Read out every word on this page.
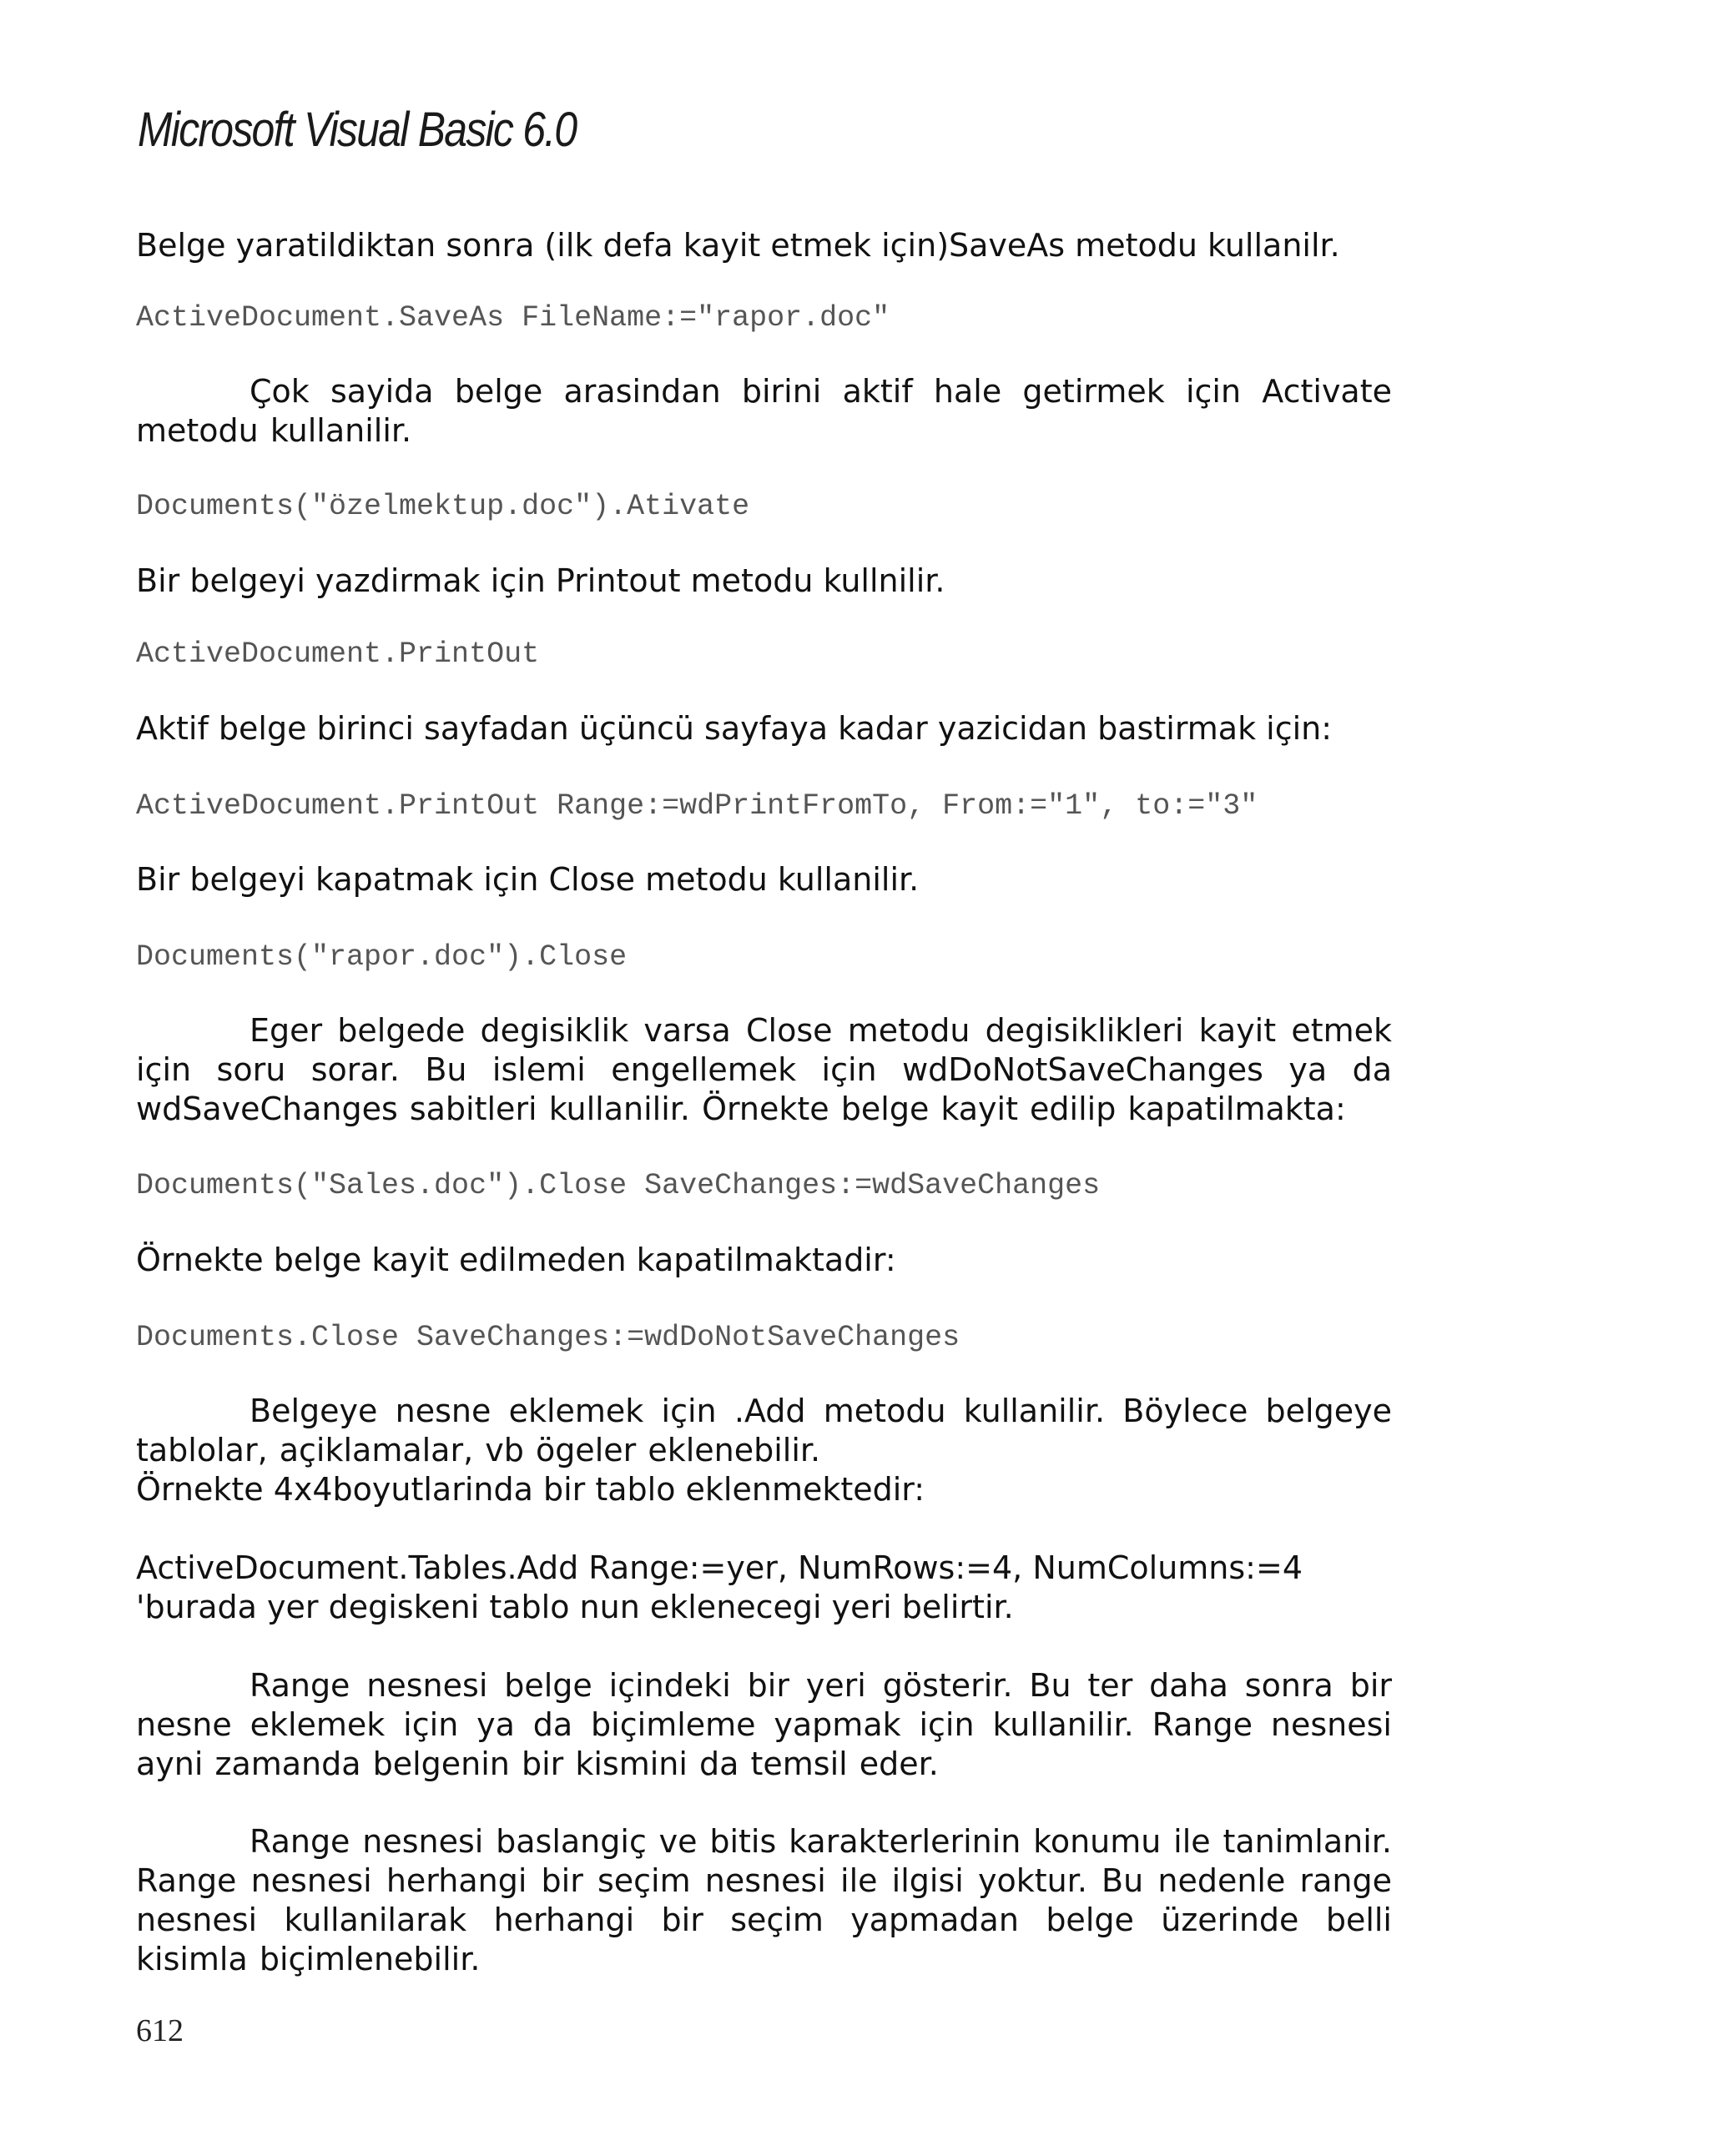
Microsoft Visual Basic 6.0

Belge yaratildiktan sonra (ilk defa kayit etmek için)SaveAs metodu kullanilr.

ActiveDocument.SaveAs FileName:="rapor.doc"

Çok sayida belge arasindan birini aktif hale getirmek için Activate metodu kullanilir.

Documents("özelmektup.doc").Ativate

Bir belgeyi yazdirmak için Printout metodu kullnilir.

ActiveDocument.PrintOut

Aktif belge birinci sayfadan üçüncü sayfaya kadar yazicidan bastirmak için:

ActiveDocument.PrintOut Range:=wdPrintFromTo, From:="1", to:="3"

Bir belgeyi kapatmak için Close metodu kullanilir.

Documents("rapor.doc").Close

Eger belgede degisiklik varsa Close metodu degisiklikleri kayit etmek için soru sorar. Bu islemi engellemek için wdDoNotSaveChanges ya da wdSaveChanges sabitleri kullanilir. Örnekte belge kayit edilip kapatilmakta:

Documents("Sales.doc").Close SaveChanges:=wdSaveChanges

Örnekte belge kayit edilmeden kapatilmaktadir:

Documents.Close SaveChanges:=wdDoNotSaveChanges

Belgeye nesne eklemek için .Add metodu kullanilir. Böylece belgeye tablolar, açiklamalar, vb ögeler eklenebilir.

Örnekte 4x4boyutlarinda bir tablo eklenmektedir:

ActiveDocument.Tables.Add Range:=yer, NumRows:=4, NumColumns:=4

'burada yer degiskeni tablo nun eklenecegi yeri belirtir.

Range nesnesi belge içindeki bir yeri gösterir. Bu ter daha sonra bir nesne eklemek için ya da biçimleme yapmak için kullanilir. Range nesnesi ayni zamanda belgenin bir kismini da temsil eder.

Range nesnesi baslangiç ve bitis karakterlerinin konumu ile tanimlanir. Range nesnesi herhangi bir seçim nesnesi ile ilgisi yoktur. Bu nedenle range nesnesi kullanilarak herhangi bir seçim yapmadan belge üzerinde belli kisimla biçimlenebilir.

612
